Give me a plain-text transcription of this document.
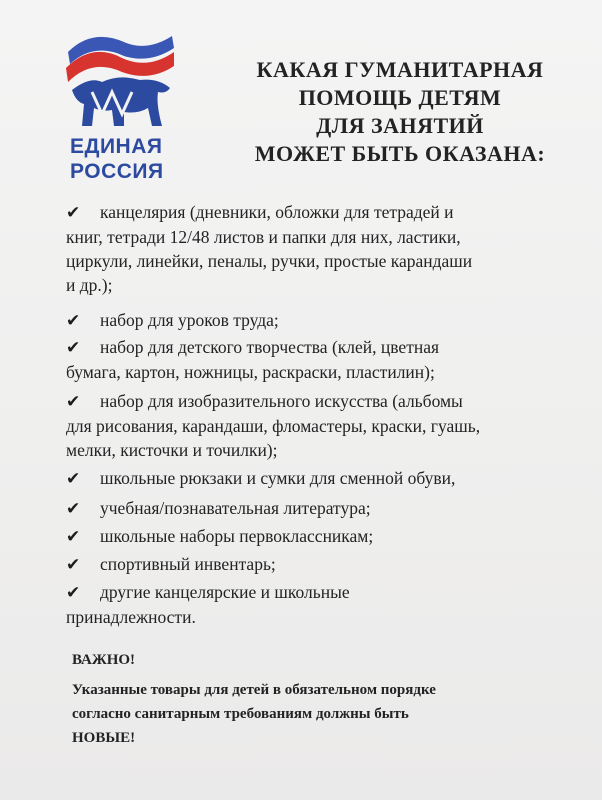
ЕДИНАЯ
РОССИЯ
КАКАЯ ГУМАНИТАРНАЯ
ПОМОЩЬ ДЕТЯМ
ДЛЯ ЗАНЯТИЙ
МОЖЕТ БЫТЬ ОКАЗАНА:
✔ канцелярия (дневники, обложки для тетрадей и
книг, тетради 12/48 листов и папки для них, ластики,
циркули, линейки, пеналы, ручки, простые карандаши
и др.);
✔ набор для уроков труда;
✔ набор для детского творчества (клей, цветная
бумага, картон, ножницы, раскраски, пластилин);
✔ набор для изобразительного искусства (альбомы
для рисования, карандаши, фломастеры, краски, гуашь,
мелки, кисточки и точилки);
✔ школьные рюкзаки и сумки для сменной обуви,
✔ учебная/познавательная литература;
✔ школьные наборы первоклассникам;
✔ спортивный инвентарь;
✔ другие канцелярские и школьные
принадлежности.
ВАЖНО!
Указанные товары для детей в обязательном порядке
согласно санитарным требованиям должны быть
НОВЫЕ!
